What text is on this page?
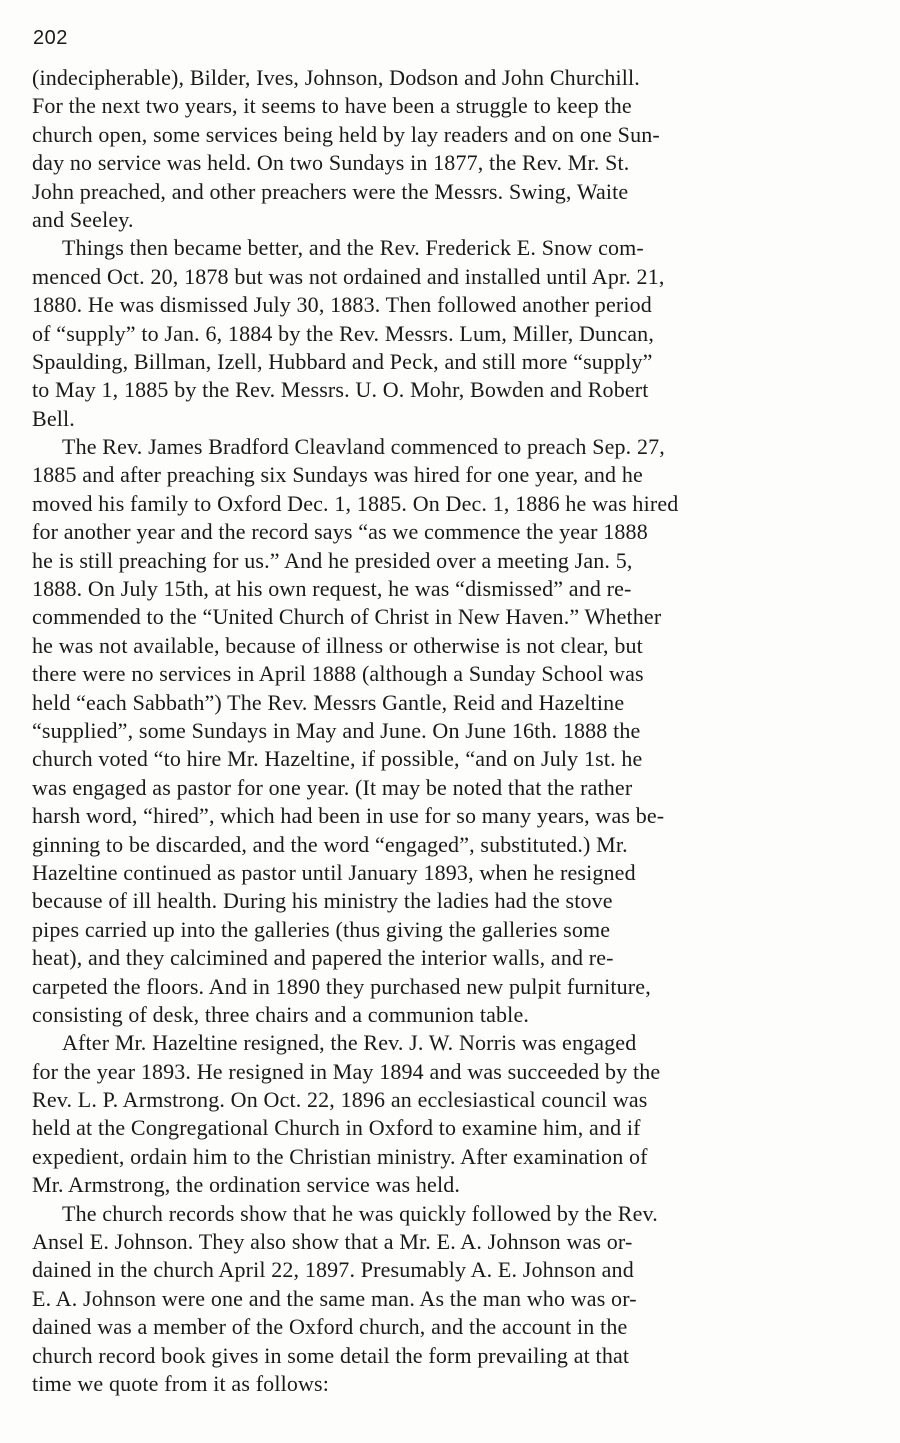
202
(indecipherable), Bilder, Ives, Johnson, Dodson and John Churchill.
For the next two years, it seems to have been a struggle to keep the
church open, some services being held by lay readers and on one Sun-
day no service was held. On two Sundays in 1877, the Rev. Mr. St.
John preached, and other preachers were the Messrs. Swing, Waite
and Seeley.
Things then became better, and the Rev. Frederick E. Snow com-
menced Oct. 20, 1878 but was not ordained and installed until Apr. 21,
1880. He was dismissed July 30, 1883. Then followed another period
of “supply” to Jan. 6, 1884 by the Rev. Messrs. Lum, Miller, Duncan,
Spaulding, Billman, Izell, Hubbard and Peck, and still more “supply”
to May 1, 1885 by the Rev. Messrs. U. O. Mohr, Bowden and Robert
Bell.
The Rev. James Bradford Cleavland commenced to preach Sep. 27,
1885 and after preaching six Sundays was hired for one year, and he
moved his family to Oxford Dec. 1, 1885. On Dec. 1, 1886 he was hired
for another year and the record says “as we commence the year 1888
he is still preaching for us.” And he presided over a meeting Jan. 5,
1888. On July 15th, at his own request, he was “dismissed” and re-
commended to the “United Church of Christ in New Haven.” Whether
he was not available, because of illness or otherwise is not clear, but
there were no services in April 1888 (although a Sunday School was
held “each Sabbath”) The Rev. Messrs Gantle, Reid and Hazeltine
“supplied”, some Sundays in May and June. On June 16th. 1888 the
church voted “to hire Mr. Hazeltine, if possible, “and on July 1st. he
was engaged as pastor for one year. (It may be noted that the rather
harsh word, “hired”, which had been in use for so many years, was be-
ginning to be discarded, and the word “engaged”, substituted.) Mr.
Hazeltine continued as pastor until January 1893, when he resigned
because of ill health. During his ministry the ladies had the stove
pipes carried up into the galleries (thus giving the galleries some
heat), and they calcimined and papered the interior walls, and re-
carpeted the floors. And in 1890 they purchased new pulpit furniture,
consisting of desk, three chairs and a communion table.
After Mr. Hazeltine resigned, the Rev. J. W. Norris was engaged
for the year 1893. He resigned in May 1894 and was succeeded by the
Rev. L. P. Armstrong. On Oct. 22, 1896 an ecclesiastical council was
held at the Congregational Church in Oxford to examine him, and if
expedient, ordain him to the Christian ministry. After examination of
Mr. Armstrong, the ordination service was held.
The church records show that he was quickly followed by the Rev.
Ansel E. Johnson. They also show that a Mr. E. A. Johnson was or-
dained in the church April 22, 1897. Presumably A. E. Johnson and
E. A. Johnson were one and the same man. As the man who was or-
dained was a member of the Oxford church, and the account in the
church record book gives in some detail the form prevailing at that
time we quote from it as follows:
